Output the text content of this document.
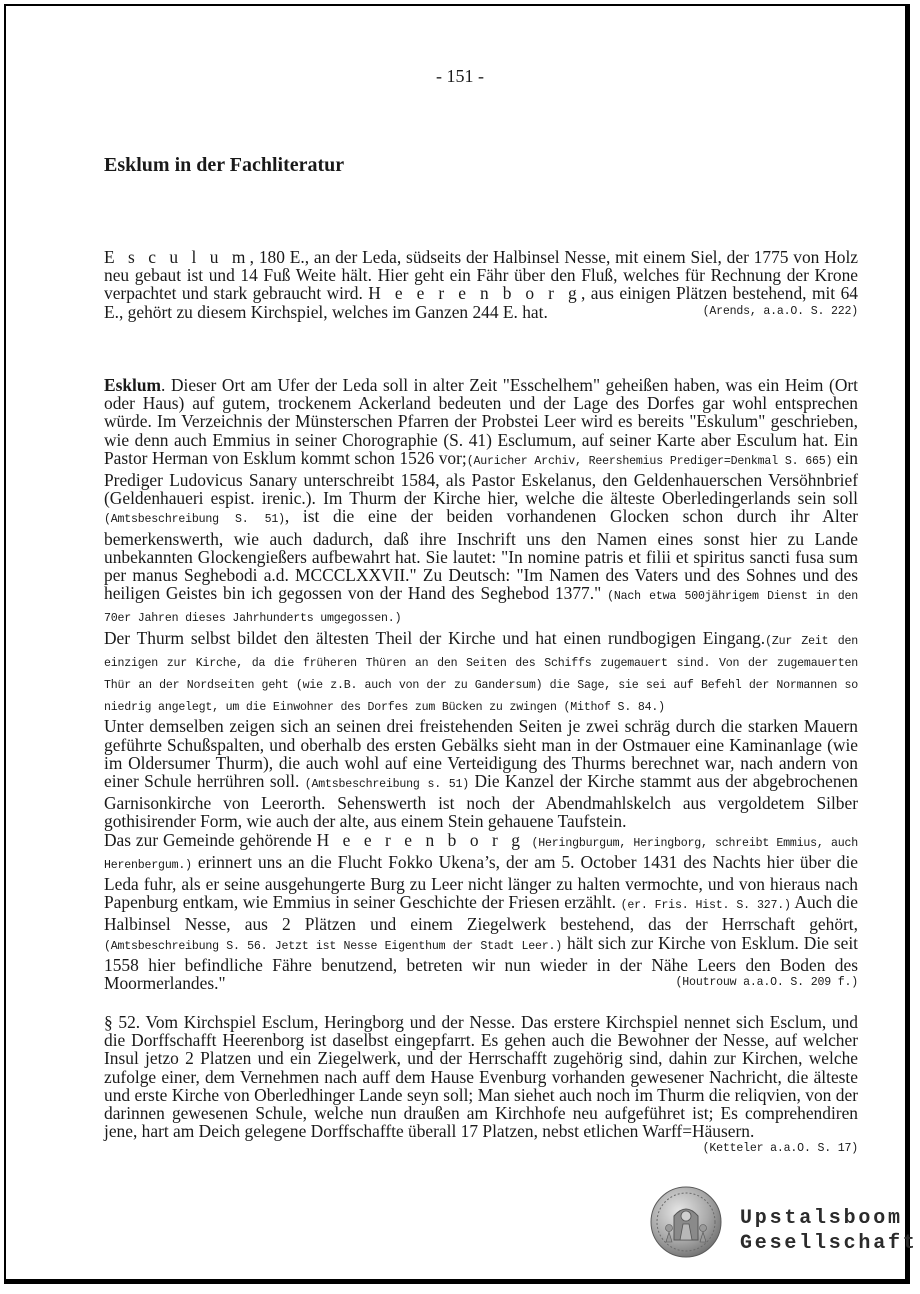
- 151 -
Esklum in der Fachliteratur

E s c u l u m, 180 E., an der Leda, südseits der Halbinsel Nesse, mit einem Siel, der 1775 von Holz neu gebaut ist und 14 Fuß Weite hält. Hier geht ein Fähr über den Fluß, welches für Rechnung der Krone verpachtet und stark gebraucht wird. H e e r e n b o r g, aus einigen Plätzen bestehend, mit 64 E., gehört zu diesem Kirchspiel, welches im Ganzen 244 E. hat.	(Arends, a.a.O. S. 222)

Esklum. Dieser Ort am Ufer der Leda soll in alter Zeit "Esschelhem" geheißen haben, was ein Heim (Ort oder Haus) auf gutem, trockenem Ackerland bedeuten und der Lage des Dorfes gar wohl entsprechen würde. Im Verzeichnis der Münsterschen Pfarren der Probstei Leer wird es bereits "Eskulum" geschrieben, wie denn auch Emmius in seiner Chorographie (S. 41) Esclumum, auf seiner Karte aber Esculum hat. Ein Pastor Herman von Esklum kommt schon 1526 vor;(Auricher Archiv, Reershemius Prediger=Denkmal S. 665) ein Prediger Ludovicus Sanary unterschreibt 1584, als Pastor Eskelanus, den Geldenhauerschen Versöhnbrief (Geldenhaueri espist. irenic.). Im Thurm der Kirche hier, welche die älteste Oberledingerlands sein soll (Amtsbeschreibung S. 51), ist die eine der beiden vorhandenen Glocken schon durch ihr Alter bemerkenswerth, wie auch dadurch, daß ihre Inschrift uns den Namen eines sonst hier zu Lande unbekannten Glockengießers aufbewahrt hat. Sie lautet: "In nomine patris et filii et spiritus sancti fusa sum per manus Seghebodi a.d. MCCCLXXVII." Zu Deutsch: "Im Namen des Vaters und des Sohnes und des heiligen Geistes bin ich gegossen von der Hand des Seghebod 1377." (Nach etwa 500jährigem Dienst in den 70er Jahren dieses Jahrhunderts umgegossen.)
Der Thurm selbst bildet den ältesten Theil der Kirche und hat einen rundbogigen Eingang.(Zur Zeit den einzigen zur Kirche, da die früheren Thüren an den Seiten des Schiffs zugemauert sind. Von der zugemauerten Thür an der Nordseiten geht (wie z.B. auch von der zu Gandersum) die Sage, sie sei auf Befehl der Normannen so niedrig angelegt, um die Einwohner des Dorfes zum Bücken zu zwingen (Mithof S. 84.)
Unter demselben zeigen sich an seinen drei freistehenden Seiten je zwei schräg durch die starken Mauern geführte Schußspalten, und oberhalb des ersten Gebälks sieht man in der Ostmauer eine Kaminanlage (wie im Oldersumer Thurm), die auch wohl auf eine Verteidigung des Thurms berechnet war, nach andern von einer Schule herrühren soll. (Amtsbeschreibung s. 51) Die Kanzel der Kirche stammt aus der abgebrochenen Garnisonkirche von Leerorth. Sehenswerth ist noch der Abendmahlskelch aus vergoldetem Silber gothisirender Form, wie auch der alte, aus einem Stein gehauene Taufstein.
Das zur Gemeinde gehörende H e e r e n b o r g (Heringburgum, Heringborg, schreibt Emmius, auch Herenbergum.) erinnert uns an die Flucht Fokko Ukena’s, der am 5. October 1431 des Nachts hier über die Leda fuhr, als er seine ausgehungerte Burg zu Leer nicht länger zu halten vermochte, und von hieraus nach Papenburg entkam, wie Emmius in seiner Geschichte der Friesen erzählt. (er. Fris. Hist. S. 327.) Auch die Halbinsel Nesse, aus 2 Plätzen und einem Ziegelwerk bestehend, das der Herrschaft gehört, (Amtsbeschreibung S. 56. Jetzt ist Nesse Eigenthum der Stadt Leer.) hält sich zur Kirche von Esklum. Die seit 1558 hier befindliche Fähre benutzend, betreten wir nun wieder in der Nähe Leers den Boden des Moormerlandes."	(Houtrouw a.a.O. S. 209 f.)

§ 52. Vom Kirchspiel Esclum, Heringborg und der Nesse. Das erstere Kirchspiel nennet sich Esclum, und die Dorffschafft Heerenborg ist daselbst eingepfarrt. Es gehen auch die Bewohner der Nesse, auf welcher Insul jetzo 2 Platzen und ein Ziegelwerk, und der Herrschafft zugehörig sind, dahin zur Kirchen, welche zufolge einer, dem Vernehmen nach auff dem Hause Evenburg vorhanden gewesener Nachricht, die älteste und erste Kirche von Oberledhinger Lande seyn soll; Man siehet auch noch im Thurm die reliqvien, von der darinnen gewesenen Schule, welche nun draußen am Kirchhofe neu aufgeführet ist; Es comprehendiren jene, hart am Deich gelegene Dorffschaffte überall 17 Platzen, nebst etlichen Warff=Häusern.
(Ketteler a.a.O. S. 17)

Upstalsboom
Gesellschaft
